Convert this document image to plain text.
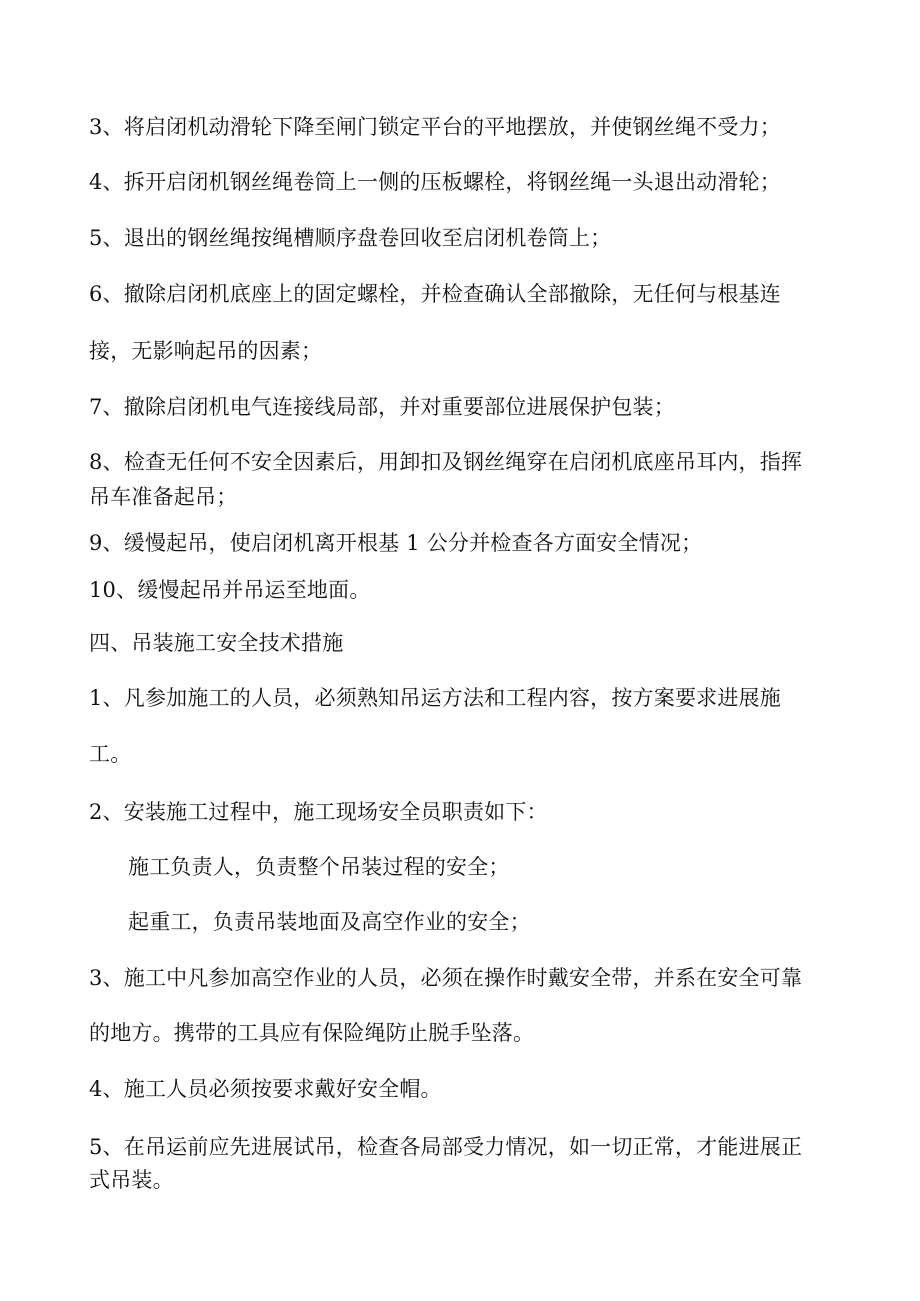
3、将启闭机动滑轮下降至闸门锁定平台的平地摆放，并使钢丝绳不受力；
4、拆开启闭机钢丝绳卷筒上一侧的压板螺栓，将钢丝绳一头退出动滑轮；
5、退出的钢丝绳按绳槽顺序盘卷回收至启闭机卷筒上；
6、撤除启闭机底座上的固定螺栓，并检查确认全部撤除，无任何与根基连
接，无影响起吊的因素；
7、撤除启闭机电气连接线局部，并对重要部位进展保护包装；
8、检查无任何不安全因素后，用卸扣及钢丝绳穿在启闭机底座吊耳内，指挥
吊车准备起吊；
9、缓慢起吊，使启闭机离开根基 1 公分并检查各方面安全情况；
10、缓慢起吊并吊运至地面。
四、吊装施工安全技术措施
1、凡参加施工的人员，必须熟知吊运方法和工程内容，按方案要求进展施
工。
2、安装施工过程中，施工现场安全员职责如下：
施工负责人，负责整个吊装过程的安全；
起重工，负责吊装地面及高空作业的安全；
3、施工中凡参加高空作业的人员，必须在操作时戴安全带，并系在安全可靠
的地方。携带的工具应有保险绳防止脱手坠落。
4、施工人员必须按要求戴好安全帽。
5、在吊运前应先进展试吊，检查各局部受力情况，如一切正常，才能进展正
式吊装。
